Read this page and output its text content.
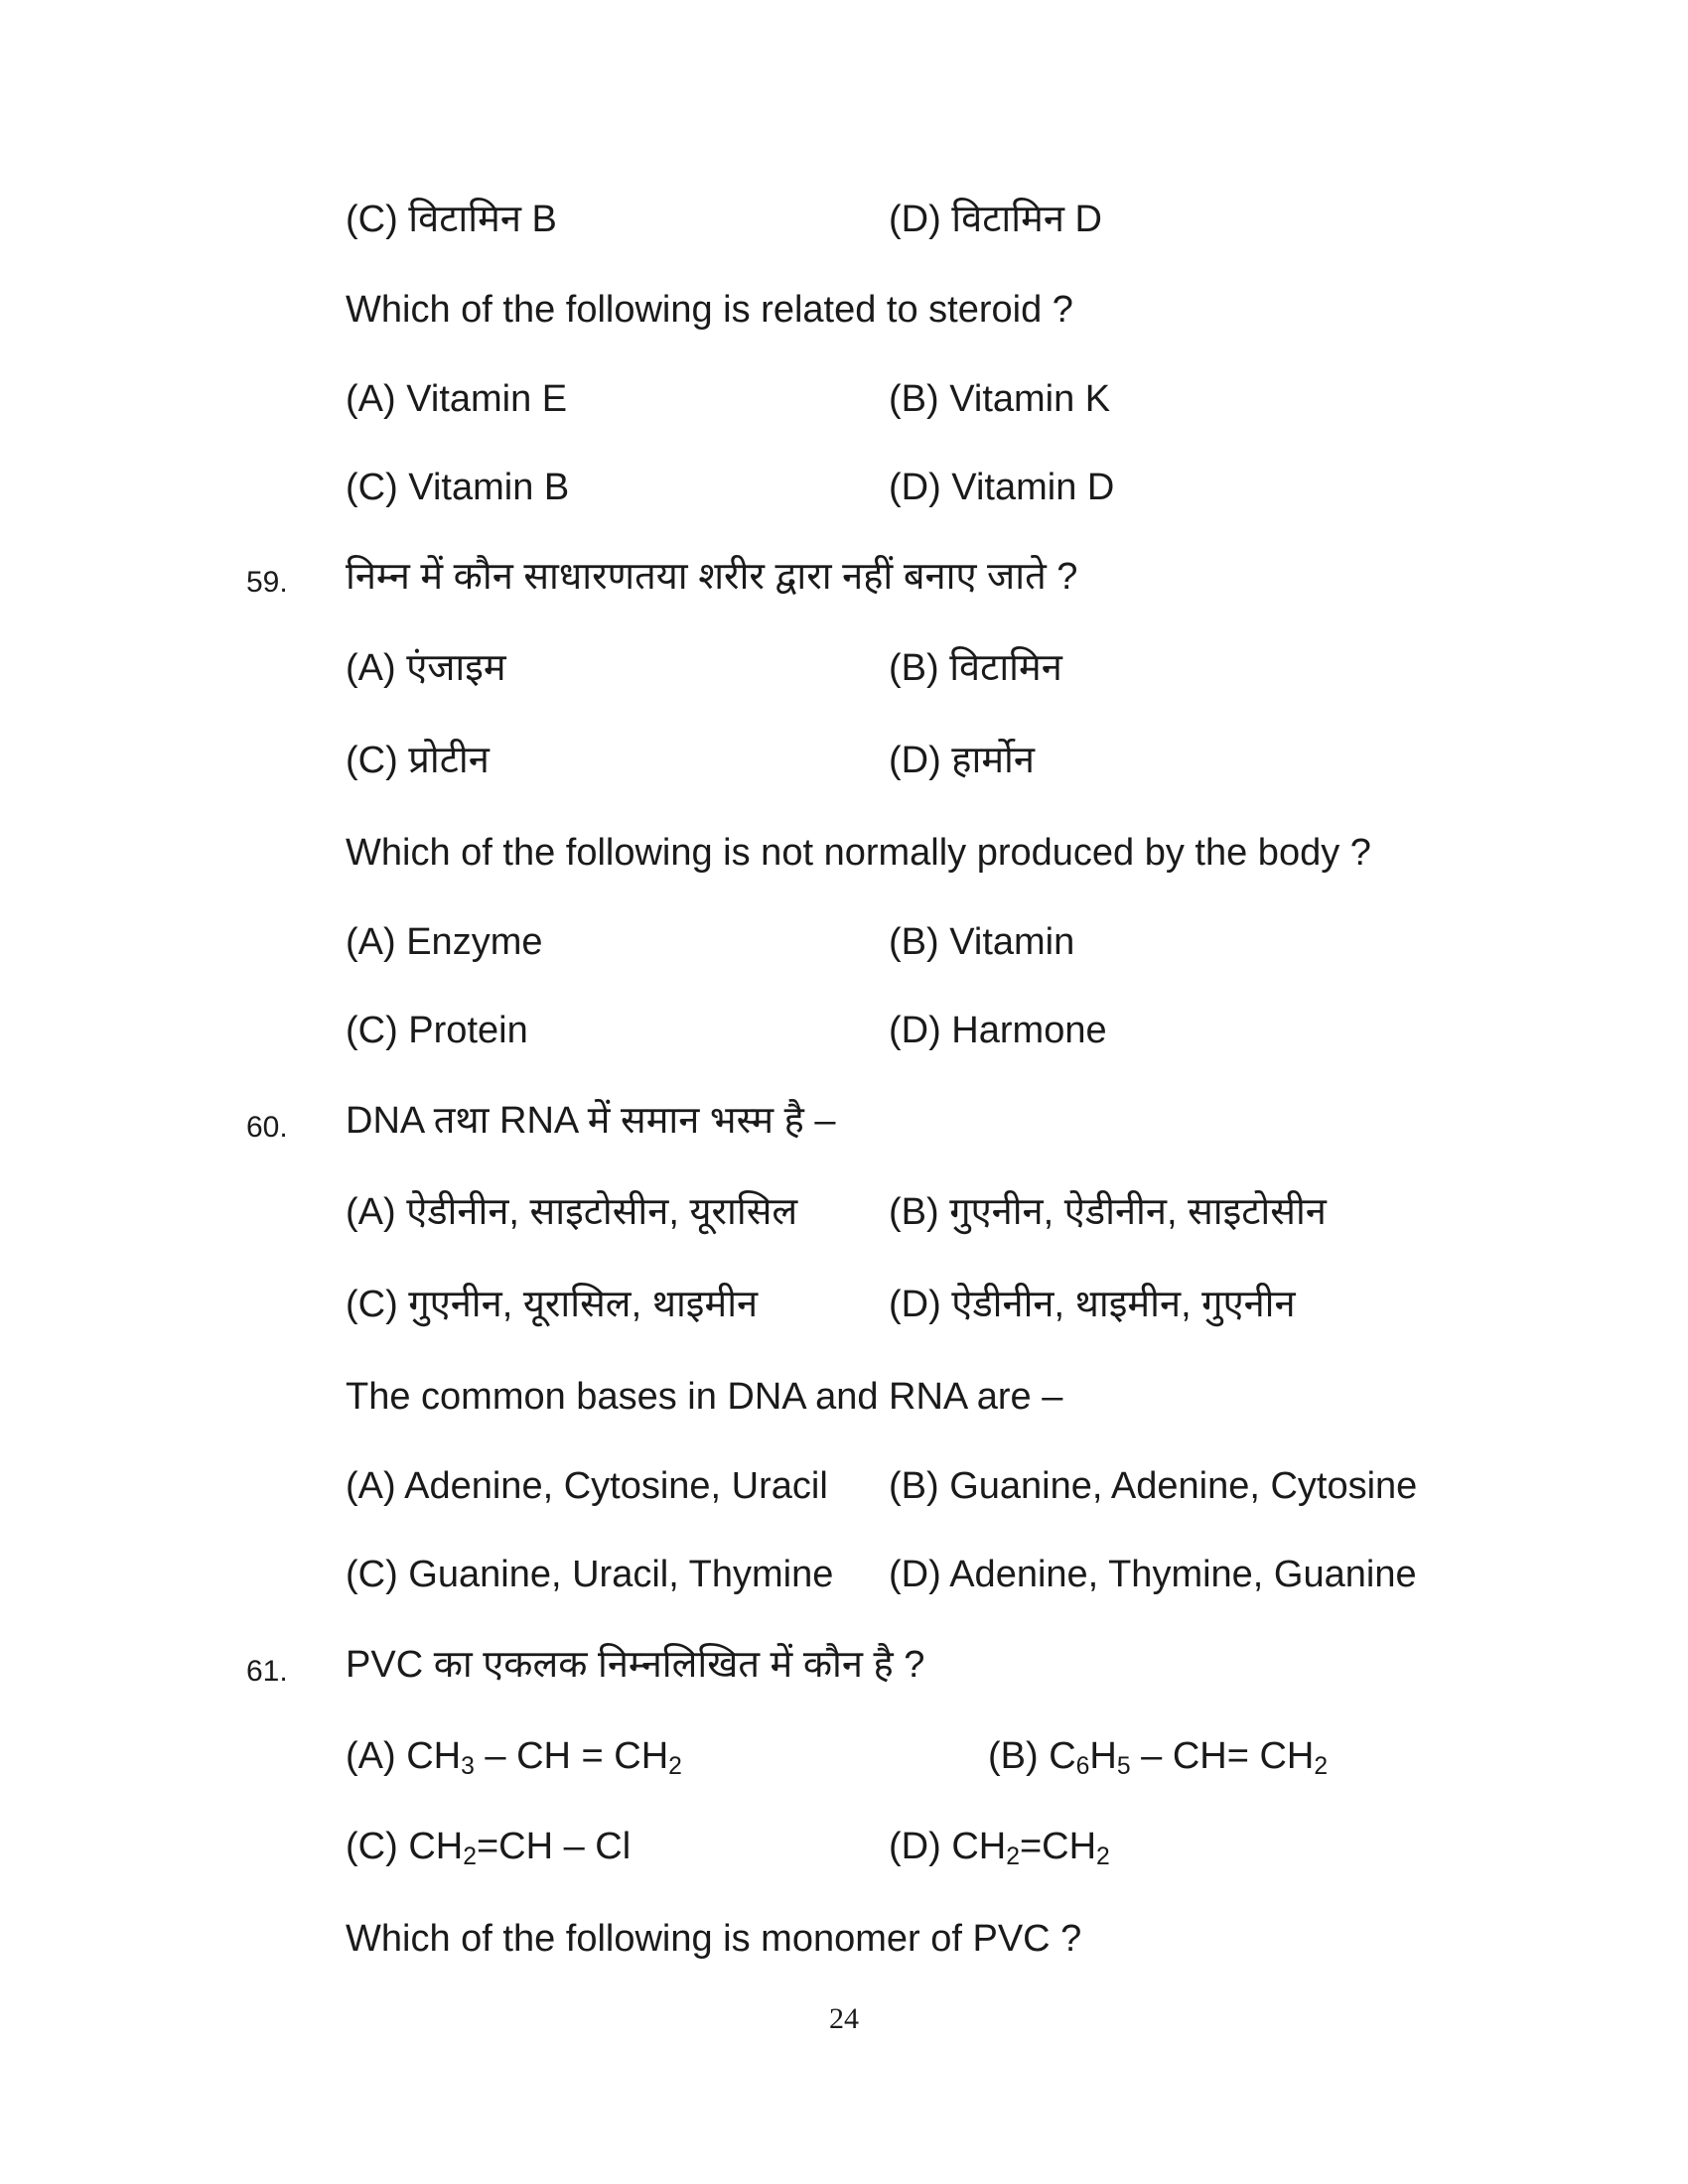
(C) विटामिन B	(D) विटामिन D
Which of the following is related to steroid ?
(A) Vitamin E	(B) Vitamin K
(C) Vitamin B	(D) Vitamin D
59. निम्न में कौन साधारणतया शरीर द्वारा नहीं बनाए जाते ?
(A) एंजाइम	(B) विटामिन
(C) प्रोटीन	(D) हार्मोन
Which of the following is not normally produced by the body ?
(A) Enzyme	(B) Vitamin
(C) Protein	(D) Harmone
60. DNA तथा RNA में समान भस्म है –
(A) ऐडीनीन, साइटोसीन, यूरासिल (B) गुएनीन, ऐडीनीन, साइटोसीन
(C) गुएनीन, यूरासिल, थाइमीन	(D) ऐडीनीन, थाइमीन, गुएनीन
The common bases in DNA and RNA are –
(A) Adenine, Cytosine, Uracil (B) Guanine, Adenine, Cytosine
(C) Guanine, Uracil, Thymine (D) Adenine, Thymine, Guanine
61. PVC का एकलक निम्नलिखित में कौन है ?
(A) $CH_3$ – CH = $CH_2$	(B) $C_6H_5 - CH= CH_2$
(C) $CH_2=CH - Cl$	(D) $CH_2=CH_2$
Which of the following is monomer of PVC ?
24
